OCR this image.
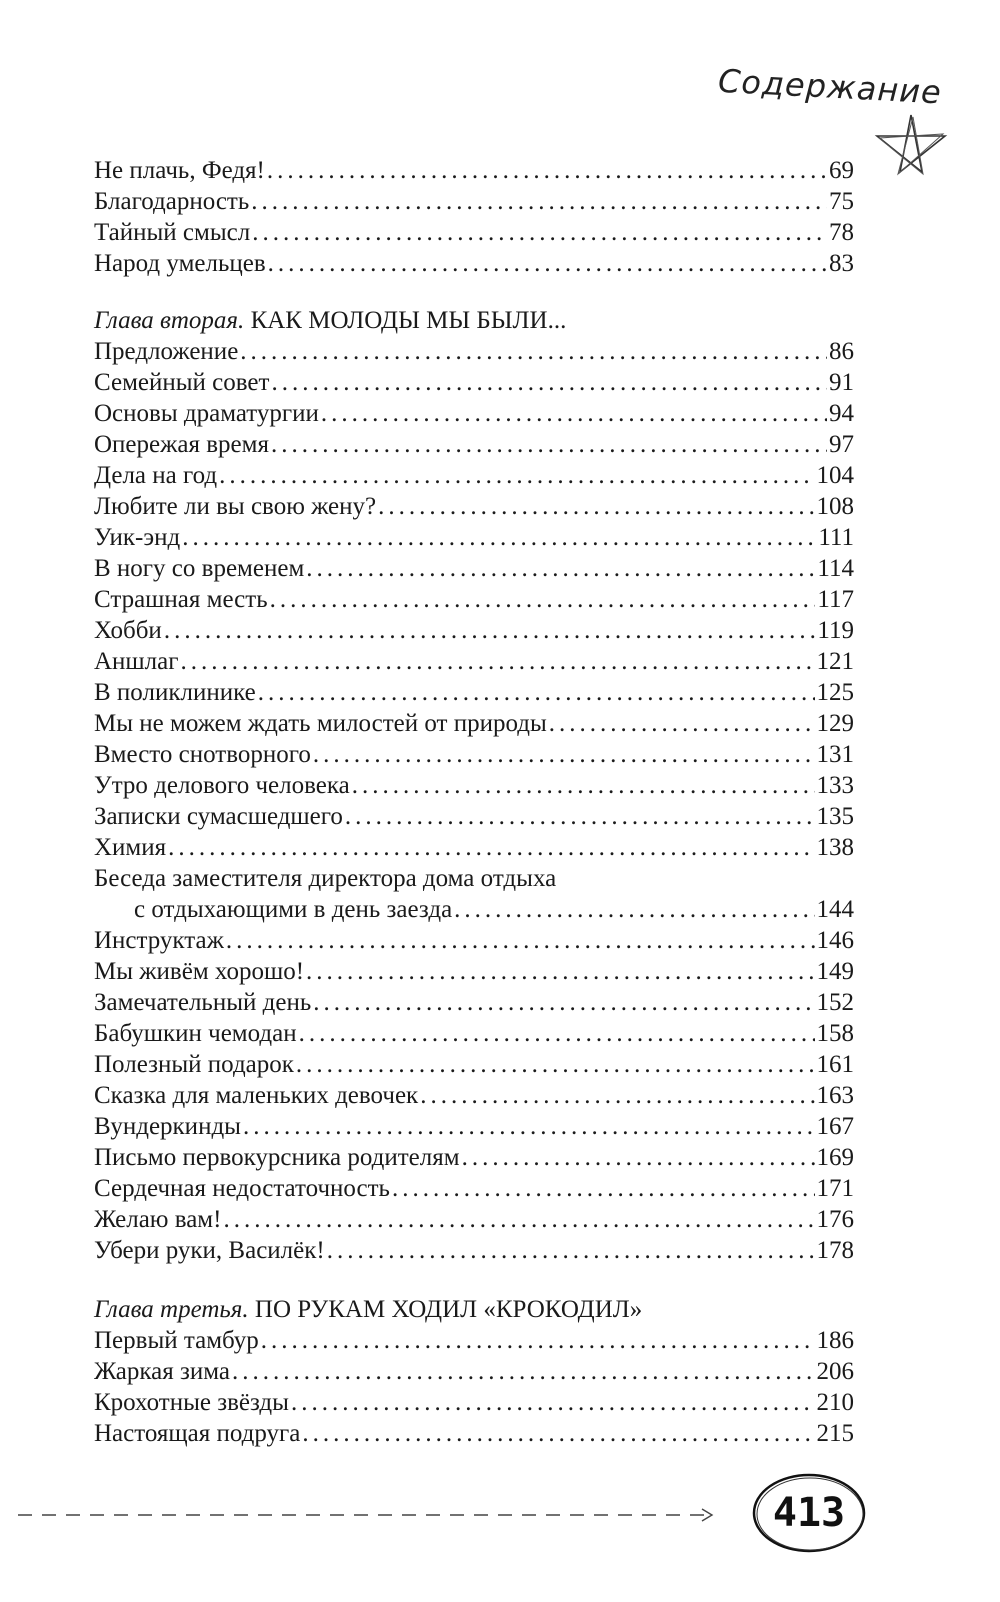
Содержание
Не плачь, Федя! .....	69
Благодарность .....	75
Тайный смысл .....	78
Народ умельцев .....	83
Глава вторая. КАК МОЛОДЫ МЫ БЫЛИ...
Предложение .....	86
Семейный совет .....	91
Основы драматургии .....	94
Опережая время .....	97
Дела на год .....	104
Любите ли вы свою жену? .....	108
Уик-энд .....	111
В ногу со временем .....	114
Страшная месть .....	117
Хобби .....	119
Аншлаг .....	121
В поликлинике .....	125
Мы не можем ждать милостей от природы .....	129
Вместо снотворного .....	131
Утро делового человека .....	133
Записки сумасшедшего .....	135
Химия .....	138
Беседа заместителя директора дома отдыха
с отдыхающими в день заезда .....	144
Инструктаж .....	146
Мы живём хорошо! .....	149
Замечательный день .....	152
Бабушкин чемодан .....	158
Полезный подарок .....	161
Сказка для маленьких девочек .....	163
Вундеркинды .....	167
Письмо первокурсника родителям .....	169
Сердечная недостаточность .....	171
Желаю вам! .....	176
Убери руки, Василёк! .....	178
Глава третья. ПО РУКАМ ХОДИЛ «КРОКОДИЛ»
Первый тамбур .....	186
Жаркая зима .....	206
Крохотные звёзды .....	210
Настоящая подруга .....	215
413
